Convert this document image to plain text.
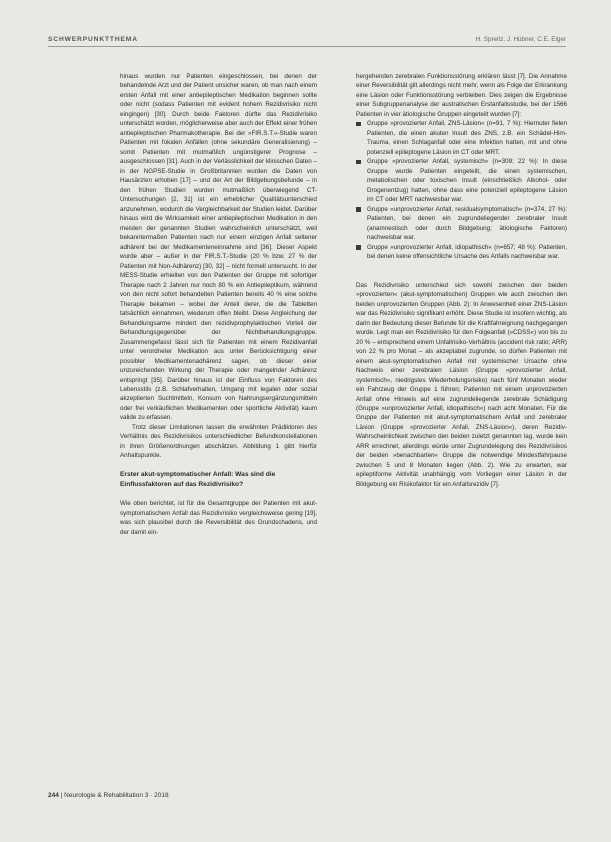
SCHWERPUNKTTHEMA	H. Spreitz, J. Hübner, C.E. Elger

hinaus wurden nur Patienten eingeschlossen, bei denen der behandelnde Arzt und der Patient unsicher waren, ob man nach einem ersten Anfall mit einer antiepileptischen Medikation beginnen sollte oder nicht (sodass Patienten mit evident hohem Rezidivrisiko nicht eingingen) [30]. Durch beide Faktoren dürfte das Rezidivrisiko unterschätzt worden, möglicherweise aber auch der Effekt einer frühen antiepileptischen Pharmakotherapie. Bei der »FIR.S.T.«-Studie waren Patienten mit fokalen Anfällen (ohne sekundäre Generalisierung) – somit Patienten mit mutmaßlich ungünstigerer Prognose – ausgeschlossen [31]. Auch in der Verlässlichkeit der klinischen Daten – in der NGPSE-Studie in Großbritannien wurden die Daten von Hausärzten erhoben [17] – und der Art der Bildgebungsbefunde – in den frühen Studien wurden mutmaßlich überwiegend CT-Untersuchungen [2, 31] ist ein erheblicher Qualitätsunterschied anzunehmen, wodurch die Vergleichbarkeit der Studien leidet. Darüber hinaus wird die Wirksamkeit einer antiepileptischen Medikation in den meisten der genannten Studien wahrscheinlich unterschätzt, weil bekanntermaßen Patienten nach nur einem einzigen Anfall seltener adhärent bei der Medikamenteneinnahme sind [36]. Dieser Aspekt wurde aber – außer in der FIR.S.T.-Studie (20 % bzw. 27 % der Patienten mit Non-Adhärenz) [30, 32] – nicht formell untersucht. In der MESS-Studie erhielten von den Patienten der Gruppe mit sofortiger Therapie nach 2 Jahren nur noch 80 % ein Antiepileptikum, während von den nicht sofort behandelten Patienten bereits 40 % eine solche Therapie bekamen – wobei der Anteil derer, die die Tabletten tatsächlich einnahmen, wiederum offen bleibt. Diese Angleichung der Behandlungsarme mindert den rezidivprophylaktischen Vorteil der Behandlungsgegenüber der Nichtbehandlungsgruppe. Zusammengefasst lässt sich für Patienten mit einem Rezidivanfall unter verordneter Medikation aus unter Berücksichtigung einer possibler Medikamentenadhärenz sagen, ob dieser einer unzureichenden Wirkung der Therapie oder mangelnder Adhärenz entspringt [35]. Darüber hinaus ist der Einfluss von Faktoren des Lebensstils (z.B. Schlafverhalten, Umgang mit legalen oder sozial akzeptierten Suchtmitteln, Konsum von Nahrungsergänzungsmitteln oder frei verkäuflichen Medikamenten oder sportliche Aktivität) kaum valide zu erfassen.

Trotz dieser Limitationen lassen die erwähnten Prädiktoren des Verhältnis des Rezidivrisikos unterschiedlicher Befundkonstellationen in ihren Größenordnungen abschätzen. Abbildung 1 gibt hierfür Anhaltspunkte.

Erster akut-symptomatischer Anfall: Was sind die Einflussfaktoren auf das Rezidivrisiko?

Wie oben berichtet, ist für die Gesamtgruppe der Patienten mit akut-symptomatischem Anfall das Rezidivrisiko vergleichsweise gering [19], was sich plausibel durch die Reversibilität des Grundschadens, und der damit ein-

hergehenden zerebralen Funktionsstörung erklären lässt [7]. Die Annahme einer Reversibilität gilt allerdings nicht mehr, wenn als Folge der Erkrankung eine Läsion oder Funktionsstörung verbleiben. Dies zeigen die Ergebnisse einer Subgruppenanalyse der australischen Erstanfallsstudie, bei der 1566 Patienten in vier ätiologische Gruppen eingeteilt wurden [7]:

Gruppe »provozierter Anfall, ZNS-Läsion« (n=91, 7 %): Hiernuter fielen Patienten, die einen akuten Insult des ZNS, z.B. ein Schädel-Hirn-Trauma, einen Schlaganfall oder eine Infektion hatten, mit und ohne potenziell epileptogene Läsion im CT oder MRT.
Gruppe »provozierter Anfall, systemisch« (n=309; 22 %): In diese Gruppe wurde Patienten eingeteilt, die einen systemischen, metabolischen oder toxischen Insult (einschließlich Alkohol- oder Drogenentzug) hatten, ohne dass eine potenziell epileptogene Läsion im CT oder MRT nachweisbar war.
Gruppe »unprovozierter Anfall, residualsymptomatisch« (n=374, 27 %): Patienten, bei denen ein zugrundeliegender zerebraler Insult (anamnestisch oder durch Bildgebung; ätiologische Faktoren) nachweisbar war.
Gruppe »unprovozierter Anfall, idiopathisch« (n=657; 48 %): Patienten, bei denen keine offensichtliche Ursache des Anfalls nachweisbar war.

Das Rezidivrisiko unterschied sich sowohl zwischen den beiden »provozierten« (akut-symptomatischen) Gruppen wie auch zwischen den beiden unprovozierten Gruppen (Abb. 2): In Anwesenheit einer ZNS-Läsion war das Rezidivrisiko signifikant erhöht. Diese Studie ist insofern wichtig, als darin der Bedeutung dieser Befunde für die Kraftfahreignung nachgegangen wurde. Legt man ein Rezidivrisiko für den Folgeanfall (»CDSS«) von bis zu 20 % – entsprechend einem Unfallrisiko-Verhältnis (accident risk ratio; ARR) von 22 % pro Monat – als akzeptabel zugrunde, so dürfen Patienten mit einem akut-symptomatischen Anfall mit systemischer Ursache ohne Nachweis einer zerebralen Läsion (Gruppe »provozierter Anfall, systemisch«, niedrigstes Wiederholungsrisiko) nach fünf Monaten wieder ein Fahrzeug der Gruppe 1 führen; Patienten mit einem unprovozierten Anfall ohne Hinweis auf eine zugrundeliegende zerebrale Schädigung (Gruppe »unprovozierter Anfall, idiopathisch«) nach acht Monaten. Für die Gruppe der Patienten mit akut-symptomatischem Anfall und zerebraler Läsion (Gruppe »provozierter Anfall, ZNS-Läsion«), deren Rezidiv-Wahrscheinlichkeit zwischen den beiden zuletzt genannten lag, wurde kein ARR errechnet, allerdings würde unter Zugrundelegung des Rezidivrisikos der beiden »benachbarten« Gruppe die notwendige Mindestfahrpause zwischen 5 und 8 Monaten liegen (Abb. 2). Wie zu erwarten, war epileptiforme Aktivität unabhängig vom Vorliegen einer Läsion in der Bildgebung ein Risikofaktor für ein Anfallsrezidiv [7].

244 | Neurologie & Rehabilitation 3 · 2018
